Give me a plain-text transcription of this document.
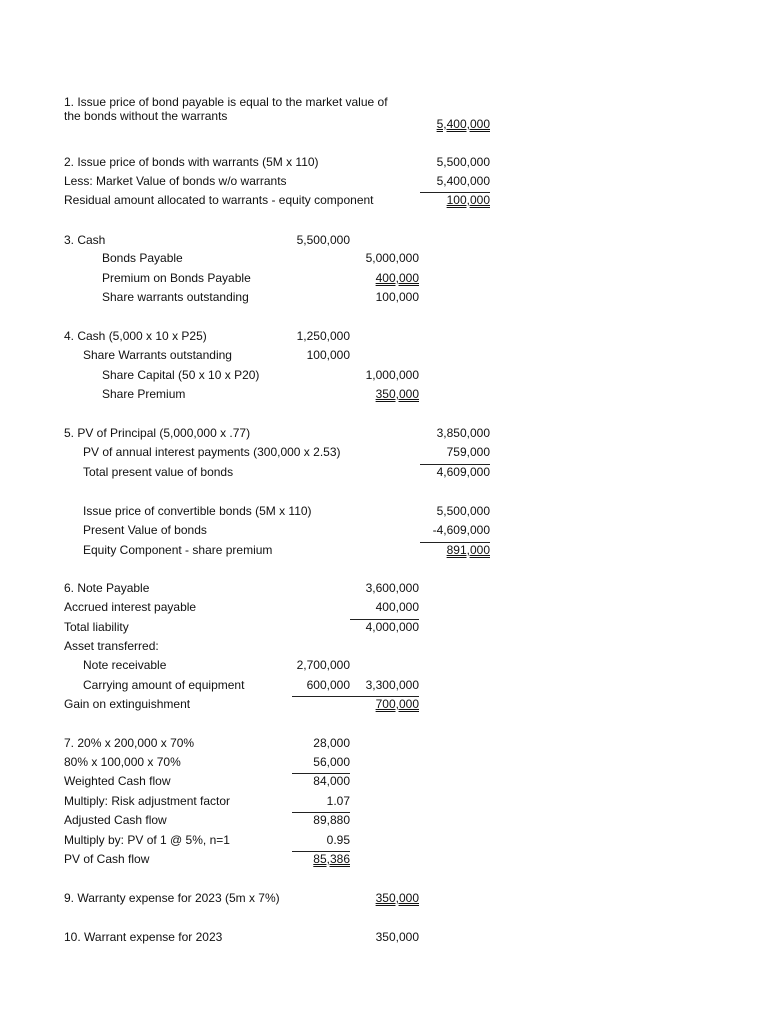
1. Issue price of bond payable is equal to the market value of
the bonds without the warrants
5,400,000
2. Issue price of bonds with warrants (5M x 110)	5,500,000
Less: Market Value of bonds w/o warrants	5,400,000
Residual amount allocated to warrants - equity component	100,000
3. Cash	5,500,000
Bonds Payable	5,000,000
Premium on Bonds Payable	400,000
Share warrants outstanding	100,000
4. Cash (5,000 x 10 x P25)	1,250,000
Share Warrants outstanding	100,000
Share Capital (50 x 10 x P20)	1,000,000
Share Premium	350,000
5. PV of Principal (5,000,000 x .77)	3,850,000
PV of annual interest payments (300,000 x 2.53)	759,000
Total present value of bonds	4,609,000
Issue price of convertible bonds (5M x 110)	5,500,000
Present Value of bonds	-4,609,000
Equity Component - share premium	891,000
6. Note Payable	3,600,000
Accrued interest payable	400,000
Total liability	4,000,000
Asset transferred:
Note receivable	2,700,000
Carrying amount of equipment	600,000	3,300,000
Gain on extinguishment	700,000
7. 20% x 200,000 x 70%	28,000
80% x 100,000 x 70%	56,000
Weighted Cash flow	84,000
Multiply: Risk adjustment factor	1.07
Adjusted Cash flow	89,880
Multiply by: PV of 1 @ 5%, n=1	0.95
PV of Cash flow	85,386
9. Warranty expense for 2023 (5m x 7%)	350,000
10. Warrant expense for 2023	350,000
